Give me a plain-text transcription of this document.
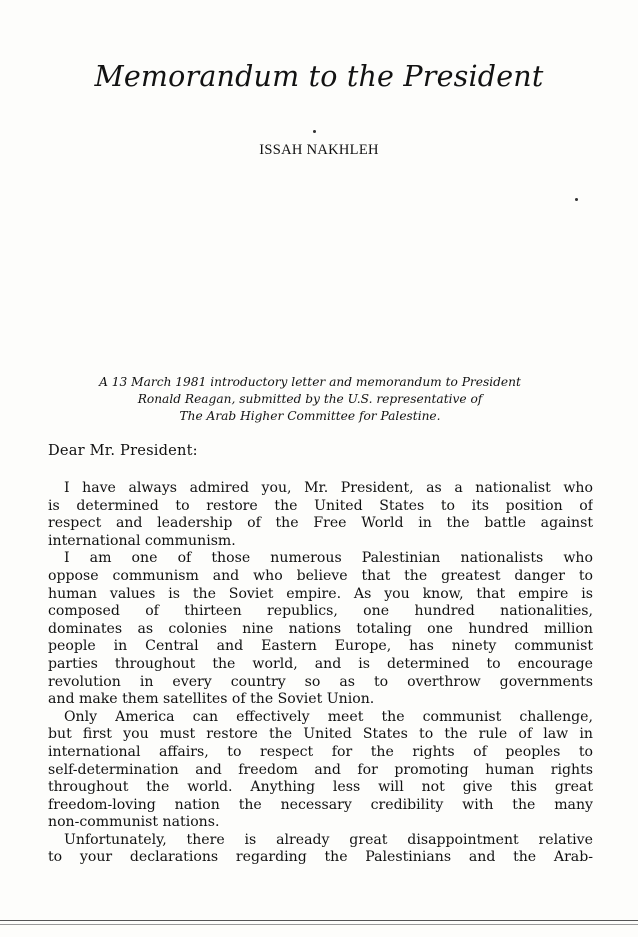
Memorandum to the President
ISSAH NAKHLEH
A 13 March 1981 introductory letter and memorandum to President
Ronald Reagan, submitted by the U.S. representative of
The Arab Higher Committee for Palestine.
Dear Mr. President:
I have always admired you, Mr. President, as a nationalist who
is determined to restore the United States to its position of
respect and leadership of the Free World in the battle against
international communism.
I am one of those numerous Palestinian nationalists who
oppose communism and who believe that the greatest danger to
human values is the Soviet empire. As you know, that empire is
composed of thirteen republics, one hundred nationalities,
dominates as colonies nine nations totaling one hundred million
people in Central and Eastern Europe, has ninety communist
parties throughout the world, and is determined to encourage
revolution in every country so as to overthrow governments
and make them satellites of the Soviet Union.
Only America can effectively meet the communist challenge,
but first you must restore the United States to the rule of law in
international affairs, to respect for the rights of peoples to
self-determination and freedom and for promoting human rights
throughout the world. Anything less will not give this great
freedom-loving nation the necessary credibility with the many
non-communist nations.
Unfortunately, there is already great disappointment relative
to your declarations regarding the Palestinians and the Arab-
